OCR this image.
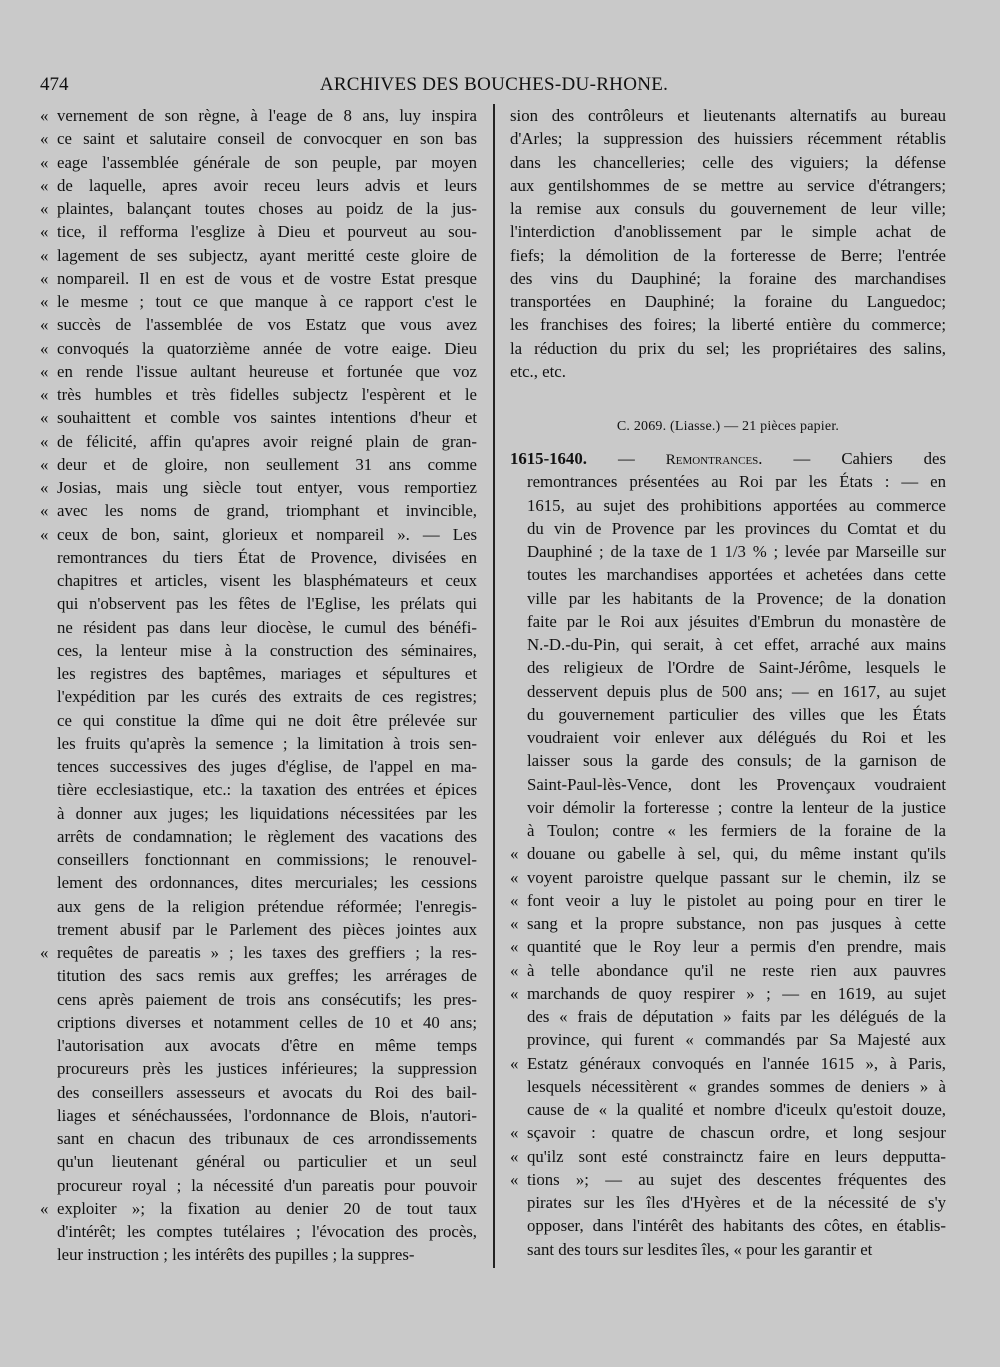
474	ARCHIVES DES BOUCHES-DU-RHONE.
« vernement de son règne, à l'eage de 8 ans, luy inspira
« ce saint et salutaire conseil de convocquer en son bas
« eage l'assemblée générale de son peuple, par moyen
« de laquelle, apres avoir receu leurs advis et leurs
« plaintes, balançant toutes choses au poidz de la jus-
« tice, il refforma l'esglize à Dieu et pourveut au sou-
« lagement de ses subjectz, ayant meritté ceste gloire de
« nompareil. Il en est de vous et de vostre Estat presque
« le mesme ; tout ce que manque à ce rapport c'est le
« succès de l'assemblée de vos Estatz que vous avez
« convoqués la quatorzième année de votre eaige. Dieu
« en rende l'issue aultant heureuse et fortunée que voz
« très humbles et très fidelles subjectz l'espèrent et le
« souhaittent et comble vos saintes intentions d'heur et
« de félicité, affin qu'apres avoir reigné plain de gran-
« deur et de gloire, non seullement 31 ans comme
« Josias, mais ung siècle tout entyer, vous remportiez
« avec les noms de grand, triomphant et invincible,
« ceux de bon, saint, glorieux et nompareil ». — Les
remontrances du tiers État de Provence, divisées en
chapitres et articles, visent les blasphémateurs et ceux
qui n'observent pas les fêtes de l'Eglise, les prélats qui
ne résident pas dans leur diocèse, le cumul des bénéfi-
ces, la lenteur mise à la construction des séminaires,
les registres des baptêmes, mariages et sépultures et
l'expédition par les curés des extraits de ces registres;
ce qui constitue la dîme qui ne doit être prélevée sur
les fruits qu'après la semence ; la limitation à trois sen-
tences successives des juges d'église, de l'appel en ma-
tière ecclesiastique, etc.: la taxation des entrées et épices
à donner aux juges; les liquidations nécessitées par les
arrêts de condamnation; le règlement des vacations des
conseillers fonctionnant en commissions; le renouvel-
lement des ordonnances, dites mercuriales; les cessions
aux gens de la religion prétendue réformée; l'enregis-
trement abusif par le Parlement des pièces jointes aux
« requêtes de pareatis » ; les taxes des greffiers ; la res-
titution des sacs remis aux greffes; les arrérages de
cens après paiement de trois ans consécutifs; les pres-
criptions diverses et notamment celles de 10 et 40 ans;
l'autorisation aux avocats d'être en même temps
procureurs près les justices inférieures; la suppression
des conseillers assesseurs et avocats du Roi des bail-
liages et sénéchaussées, l'ordonnance de Blois, n'autori-
sant en chacun des tribunaux de ces arrondissements
qu'un lieutenant général ou particulier et un seul
procureur royal ; la nécessité d'un pareatis pour pouvoir
« exploiter »; la fixation au denier 20 de tout taux
d'intérêt; les comptes tutélaires ; l'évocation des procès,
leur instruction ; les intérêts des pupilles ; la suppres-
sion des contrôleurs et lieutenants alternatifs au bureau
d'Arles; la suppression des huissiers récemment rétablis
dans les chancelleries; celle des viguiers; la défense
aux gentilshommes de se mettre au service d'étrangers;
la remise aux consuls du gouvernement de leur ville;
l'interdiction d'anoblissement par le simple achat de
fiefs; la démolition de la forteresse de Berre; l'entrée
des vins du Dauphiné; la foraine des marchandises
transportées en Dauphiné; la foraine du Languedoc;
les franchises des foires; la liberté entière du commerce;
la réduction du prix du sel; les propriétaires des salins,
etc., etc.
C. 2069. (Liasse.) — 21 pièces papier.
1615-1640. — Remontrances. — Cahiers des
remontrances présentées au Roi par les États : — en
1615, au sujet des prohibitions apportées au commerce
du vin de Provence par les provinces du Comtat et du
Dauphiné ; de la taxe de 1 1/3 % ; levée par Marseille sur
toutes les marchandises apportées et achetées dans cette
ville par les habitants de la Provence; de la donation
faite par le Roi aux jésuites d'Embrun du monastère de
N.-D.-du-Pin, qui serait, à cet effet, arraché aux mains
des religieux de l'Ordre de Saint-Jérôme, lesquels le
desservent depuis plus de 500 ans; — en 1617, au sujet
du gouvernement particulier des villes que les États
voudraient voir enlever aux délégués du Roi et les
laisser sous la garde des consuls; de la garnison de
Saint-Paul-lès-Vence, dont les Provençaux voudraient
voir démolir la forteresse ; contre la lenteur de la justice
à Toulon; contre « les fermiers de la foraine de la
« douane ou gabelle à sel, qui, du même instant qu'ils
« voyent paroistre quelque passant sur le chemin, ilz se
« font veoir a luy le pistolet au poing pour en tirer le
« sang et la propre substance, non pas jusques à cette
« quantité que le Roy leur a permis d'en prendre, mais
« à telle abondance qu'il ne reste rien aux pauvres
« marchands de quoy respirer » ; — en 1619, au sujet
des « frais de députation » faits par les délégués de la
province, qui furent « commandés par Sa Majesté aux
« Estatz généraux convoqués en l'année 1615 », à Paris,
lesquels nécessitèrent « grandes sommes de deniers » à
cause de « la qualité et nombre d'iceulx qu'estoit douze,
« sçavoir : quatre de chascun ordre, et long sesjour
« qu'ilz sont esté constrainctz faire en leurs depputta-
« tions »; — au sujet des descentes fréquentes des
pirates sur les îles d'Hyères et de la nécessité de s'y
opposer, dans l'intérêt des habitants des côtes, en établis-
sant des tours sur lesdites îles, « pour les garantir et
